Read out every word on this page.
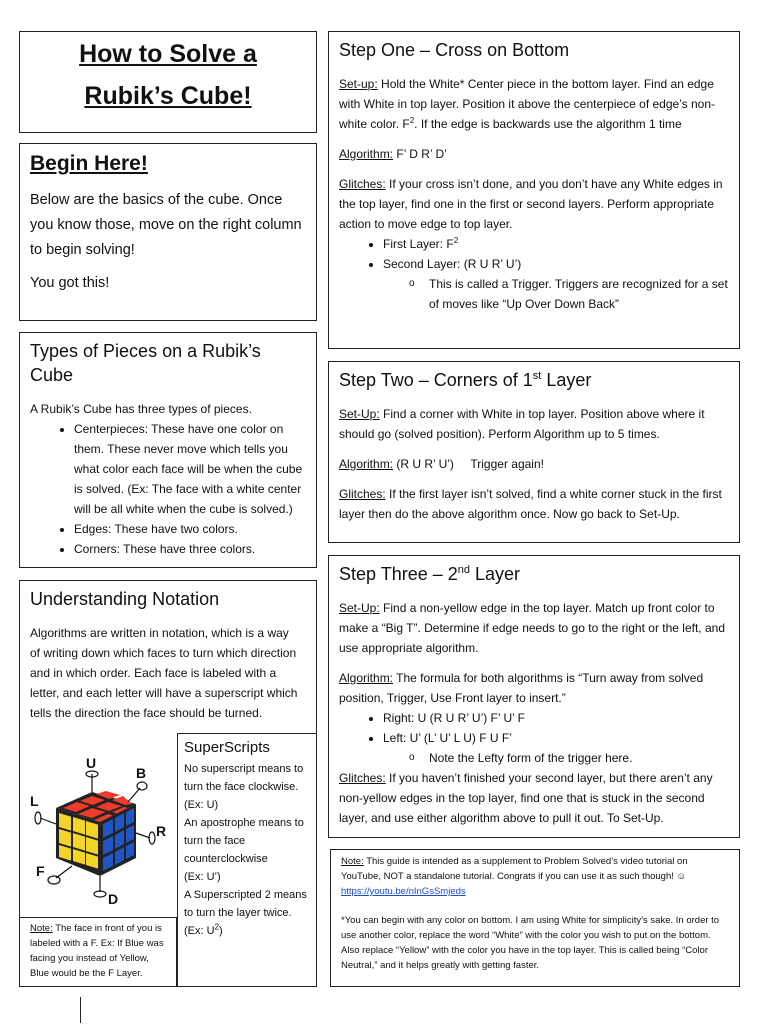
How to Solve a
Rubik’s Cube!
Begin Here!

Below are the basics of the cube. Once you know those, move on the right column to begin solving!

You got this!

Types of Pieces on a Rubik’s Cube

A Rubik’s Cube has three types of pieces.

• Centerpieces: These have one color on them. These never move which tells you what color each face will be when the cube is solved. (Ex: The face with a white center will be all white when the cube is solved.)
• Edges: These have two colors.
• Corners: These have three colors.
Understanding Notation

Algorithms are written in notation, which is a way of writing down which faces to turn which direction and in which order. Each face is labeled with a letter, and each letter will have a superscript which tells the direction the face should be turned.

U
B
L
R
F
D
SuperScripts
No superscript means to turn the face clockwise.
(Ex: U)
An apostrophe means to turn the face counterclockwise
(Ex: U’)
A Superscripted 2 means to turn the layer twice.
(Ex: $U^2$)
Note: The face in front of you is labeled with a F. Ex: If Blue was facing you instead of Yellow, Blue would be the F Layer.
Step One – Cross on Bottom
Set-up: Hold the White* Center piece in the bottom layer. Find an edge with White in top layer. Position it above the centerpiece of edge’s non-white color. $F^2$. If the edge is backwards use the algorithm 1 time
Algorithm: F’ D R’ D’
Glitches: If your cross isn’t done, and you don’t have any White edges in the top layer, find one in the first or second layers. Perform appropriate action to move edge to top layer.
• First Layer: $F^2$
• Second Layer: (R U R’ U’)
o This is called a Trigger. Triggers are recognized for a set of moves like “Up Over Down Back”
Step Two – Corners of 1st Layer
Set-Up: Find a corner with White in top layer. Position above where it should go (solved position). Perform Algorithm up to 5 times.
Algorithm: (R U R’ U’)     Trigger again!
Glitches: If the first layer isn’t solved, find a white corner stuck in the first layer then do the above algorithm once. Now go back to Set-Up.
Step Three – 2nd Layer
Set-Up: Find a non-yellow edge in the top layer. Match up front color to make a “Big T”. Determine if edge needs to go to the right or the left, and use appropriate algorithm.
Algorithm: The formula for both algorithms is “Turn away from solved position, Trigger, Use Front layer to insert.”
• Right: U (R U R’ U’) F’ U’ F
• Left: U’ (L’ U’ L U) F U F’
o Note the Lefty form of the trigger here.
Glitches: If you haven’t finished your second layer, but there aren’t any non-yellow edges in the top layer, find one that is stuck in the second layer, and use either algorithm above to pull it out. To Set-Up.
Note: This guide is intended as a supplement to Problem Solved’s video tutorial on YouTube, NOT a standalone tutorial. Congrats if you can use it as such though! ☺
https://youtu.be/nInGsSmjeds
*You can begin with any color on bottom. I am using White for simplicity’s sake. In order to use another color, replace the word “White” with the color you wish to put on the bottom. Also replace “Yellow” with the color you have in the top layer. This is called being “Color Neutral,” and it helps greatly with getting faster.
